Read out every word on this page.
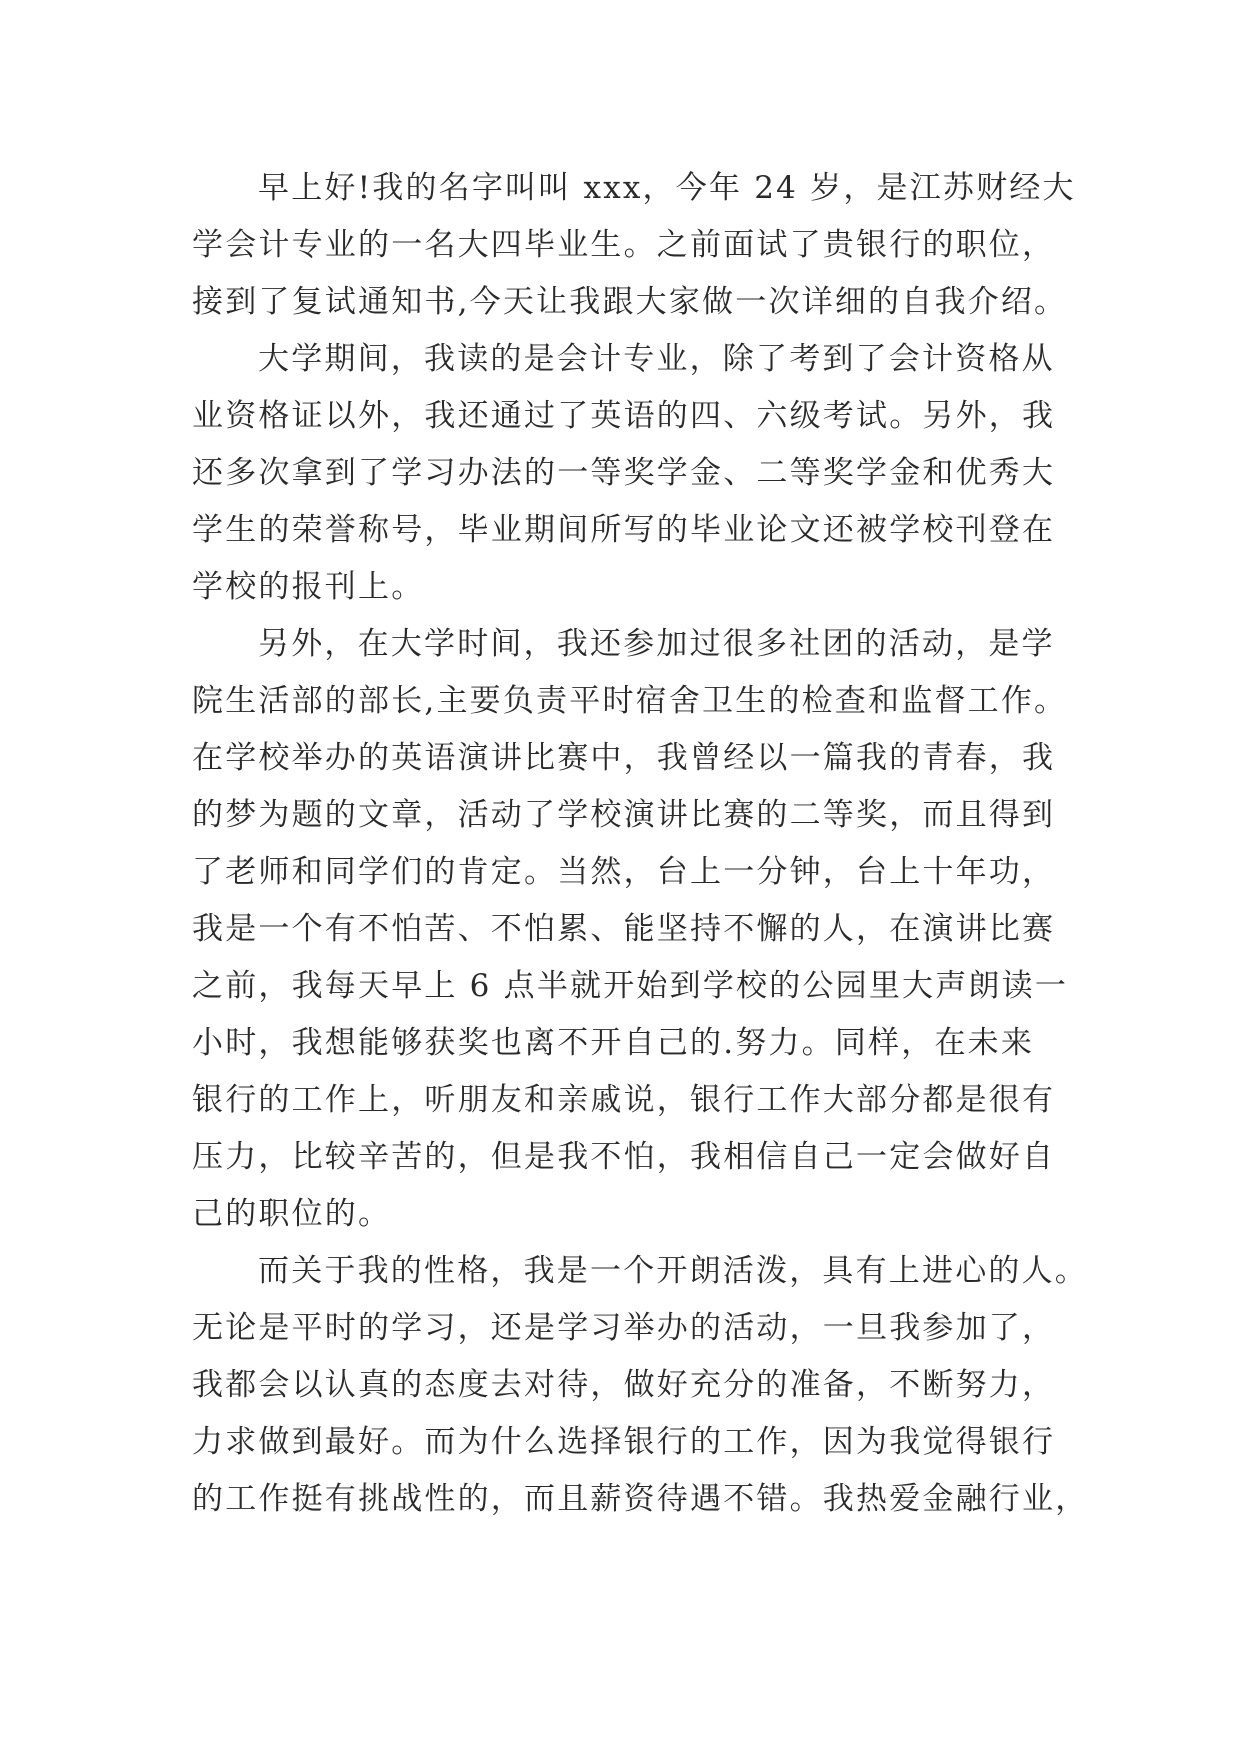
早上好!我的名字叫叫 xxx，今年 24 岁，是江苏财经大
学会计专业的一名大四毕业生。之前面试了贵银行的职位，
接到了复试通知书,今天让我跟大家做一次详细的自我介绍。

大学期间，我读的是会计专业，除了考到了会计资格从
业资格证以外，我还通过了英语的四、六级考试。另外，我
还多次拿到了学习办法的一等奖学金、二等奖学金和优秀大
学生的荣誉称号，毕业期间所写的毕业论文还被学校刊登在
学校的报刊上。

另外，在大学时间，我还参加过很多社团的活动，是学
院生活部的部长,主要负责平时宿舍卫生的检查和监督工作。
在学校举办的英语演讲比赛中，我曾经以一篇我的青春，我
的梦为题的文章，活动了学校演讲比赛的二等奖，而且得到
了老师和同学们的肯定。当然，台上一分钟，台上十年功，
我是一个有不怕苦、不怕累、能坚持不懈的人，在演讲比赛
之前，我每天早上 6 点半就开始到学校的公园里大声朗读一
小时，我想能够获奖也离不开自己的.努力。同样，在未来
银行的工作上，听朋友和亲戚说，银行工作大部分都是很有
压力，比较辛苦的，但是我不怕，我相信自己一定会做好自
己的职位的。

而关于我的性格，我是一个开朗活泼，具有上进心的人。
无论是平时的学习，还是学习举办的活动，一旦我参加了，
我都会以认真的态度去对待，做好充分的准备，不断努力，
力求做到最好。而为什么选择银行的工作，因为我觉得银行
的工作挺有挑战性的，而且薪资待遇不错。我热爱金融行业，
